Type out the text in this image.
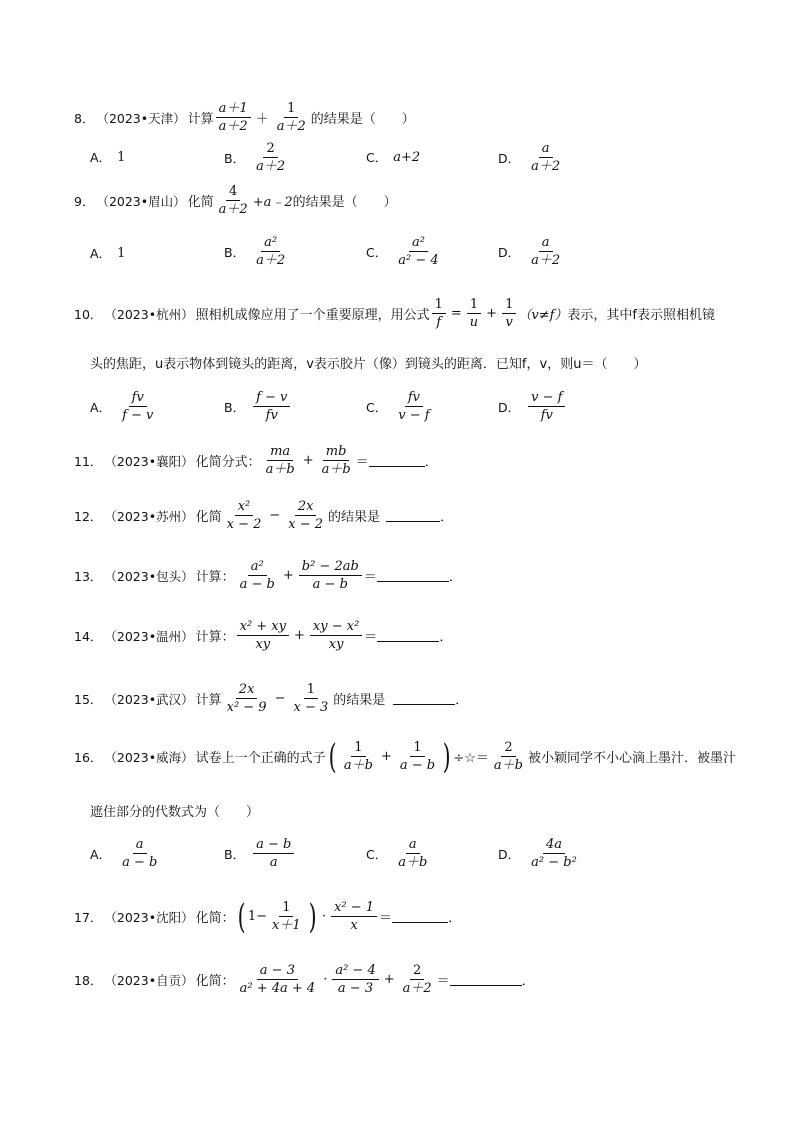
8． （2023•天津） 计算 $\frac{a+1}{a+2} + \frac{1}{a+2}$ 的结果是（　　）
A． 1	B． $\frac{2}{a+2}$	C． a+2	D． $\frac{a}{a+2}$
9． （2023•眉山） 化简 $\frac{4}{a+2}$ +a﹣2 的结果是（　　）
A． 1	B． $\frac{\text{a²}}{a+2}$	C． $\frac{\text{a²}}{\text{a² − 4}}$	D． $\frac{a}{a+2}$
10． （2023•杭州） 照相机成像应用了一个重要原理，用公式 $\frac{1}{f} = \frac{1}{u} + \frac{1}{v} (v\ne f)$ 表示，其中f表示照相机镜
头的焦距，u表示物体到镜头的距离，v表示胶片（像）到镜头的距离．已知f，v，则u＝（　　）
A． $\frac{fv}{f - v}$	B． $\frac{f - v}{fv}$	C． $\frac{fv}{v - f}$	D． $\frac{v - f}{fv}$
11． （2023•襄阳） 化简分式： $\frac{ma}{a+b} + \frac{mb}{a+b}$ ＝	．
12． （2023•苏州） 化简 $\frac{\text{x²}}{x - 2} - \frac{2x}{x - 2}$ 的结果是	．
13． （2023•包头） 计算： $\frac{\text{a²}}{a - b} + \frac{\text{b² − 2ab}}{a - b}$ ＝	．
14． （2023•温州） 计算： $\frac{\text{x² + xy}}{xy} + \frac{\text{xy − x²}}{xy}$ ＝	．
15． （2023•武汉） 计算 $\frac{2x}{\text{x² − 9}} - \frac{1}{x - 3}$ 的结果是	．
16． （2023•威海） 试卷上一个正确的式子 ( $\frac{1}{a+b} + \frac{1}{a - b}$ ) ÷☆＝ $\frac{2}{a+b}$ 被小颖同学不小心滴上墨汁．被墨汁
遮住部分的代数式为（　　）
A． $\frac{a}{a - b}$	B． $\frac{a - b}{a}$	C． $\frac{a}{a+b}$	D． $\frac{4a}{\text{a² − b²}}$
17． （2023•沈阳） 化简： ( $1- \frac{1}{x+1}$ ) · $\frac{\text{x² − 1}}{x}$ ＝	．
18． （2023•自贡） 化简： $\frac{a - 3}{\text{a² + 4a + 4}} \cdot \frac{\text{a² − 4}}{a - 3} + \frac{2}{a+2}$ ＝	．
